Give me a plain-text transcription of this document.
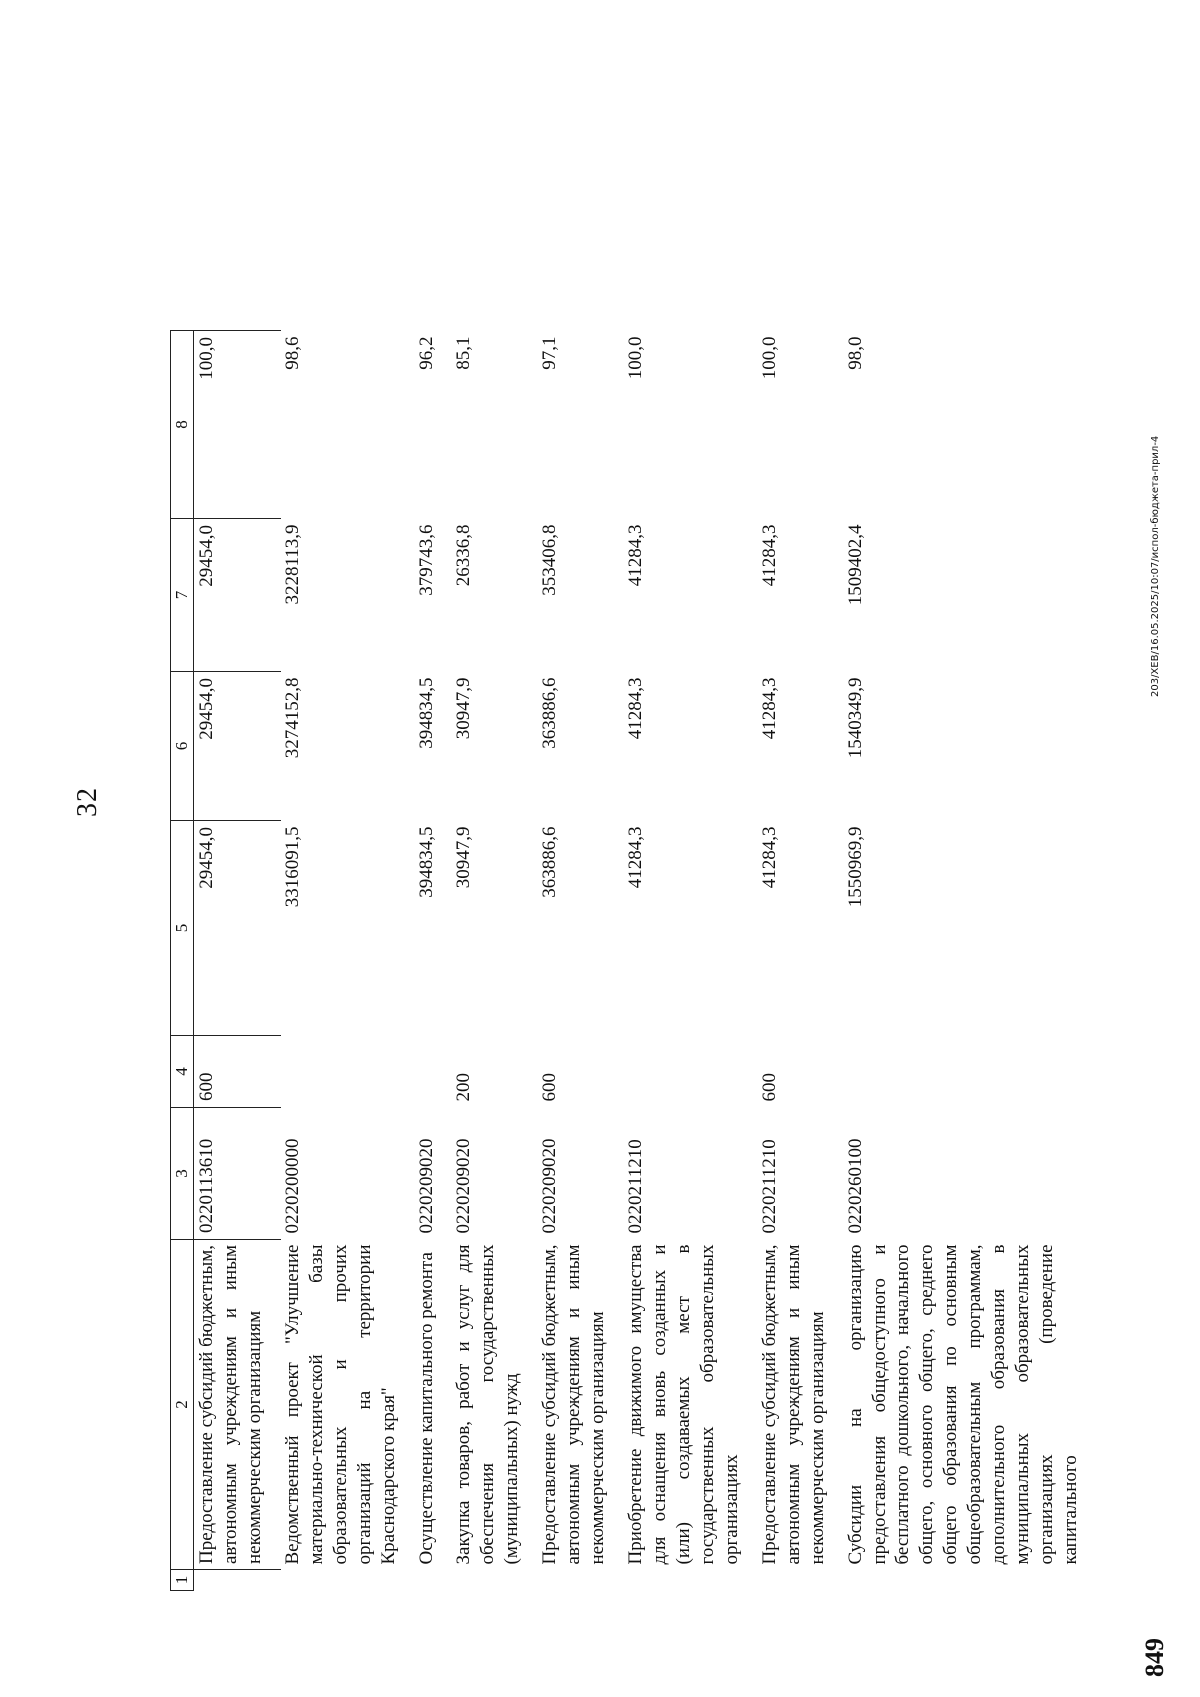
32
1	2	3	4	5	6	7	8
	Предоставление субсидий бюджетным, автономным учреждениям и иным некоммерческим организациям	0220113610	600	29454,0	29454,0	29454,0	100,0
	Ведомственный проект "Улучшение материально-технической базы образовательных и прочих организаций на территории Краснодарского края"	0220200000		3316091,5	3274152,8	3228113,9	98,6
	Осуществление капитального ремонта	0220209020		394834,5	394834,5	379743,6	96,2
	Закупка товаров, работ и услуг для обеспечения государственных (муниципальных) нужд	0220209020	200	30947,9	30947,9	26336,8	85,1
	Предоставление субсидий бюджетным, автономным учреждениям и иным некоммерческим организациям	0220209020	600	363886,6	363886,6	353406,8	97,1
	Приобретение движимого имущества для оснащения вновь созданных и (или) создаваемых мест в государственных образовательных организациях	0220211210		41284,3	41284,3	41284,3	100,0
	Предоставление субсидий бюджетным, автономным учреждениям и иным некоммерческим организациям	0220211210	600	41284,3	41284,3	41284,3	100,0
	Субсидии на организацию предоставления общедоступного и бесплатного дошкольного, начального общего, основного общего, среднего общего образования по основным общеобразовательным программам, дополнительного образования в муниципальных образовательных организациях (проведение капитального	0220260100		1550969,9	1540349,9	1509402,4	98,0
203/ХЕВ/16.05.2025/10:07/испол-бюджета-прил-4
849
